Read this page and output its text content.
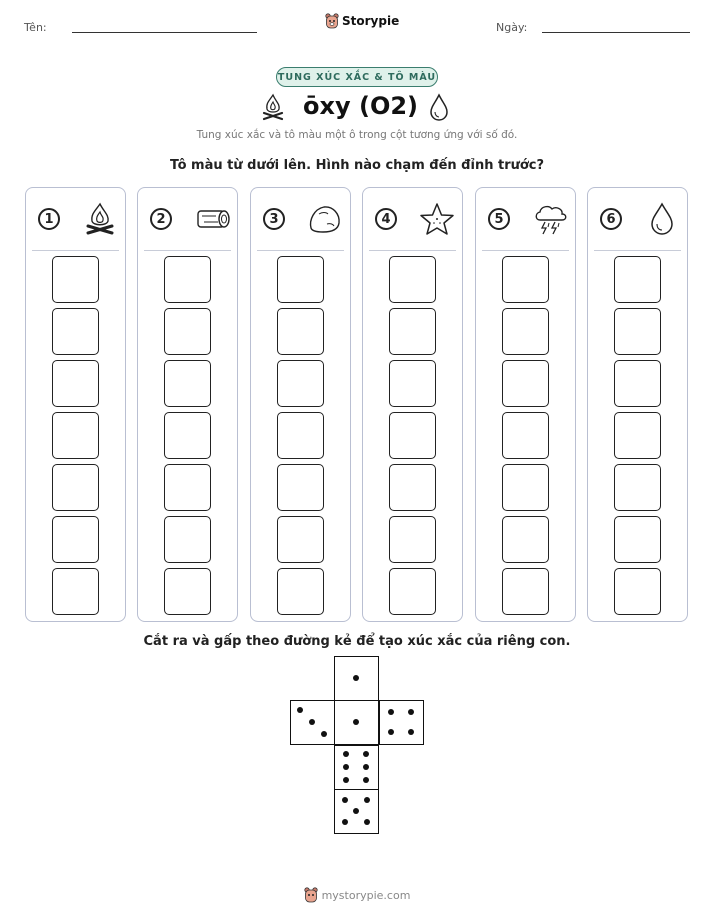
Tên:	Storypie	Ngày:
TUNG XÚC XẮC & TÔ MÀU
ōxy (O2)
Tung xúc xắc và tô màu một ô trong cột tương ứng với số đó.
Tô màu từ dưới lên. Hình nào chạm đến đỉnh trước?
1	2	3	4	5	6
Cắt ra và gấp theo đường kẻ để tạo xúc xắc của riêng con.
mystorypie.com
